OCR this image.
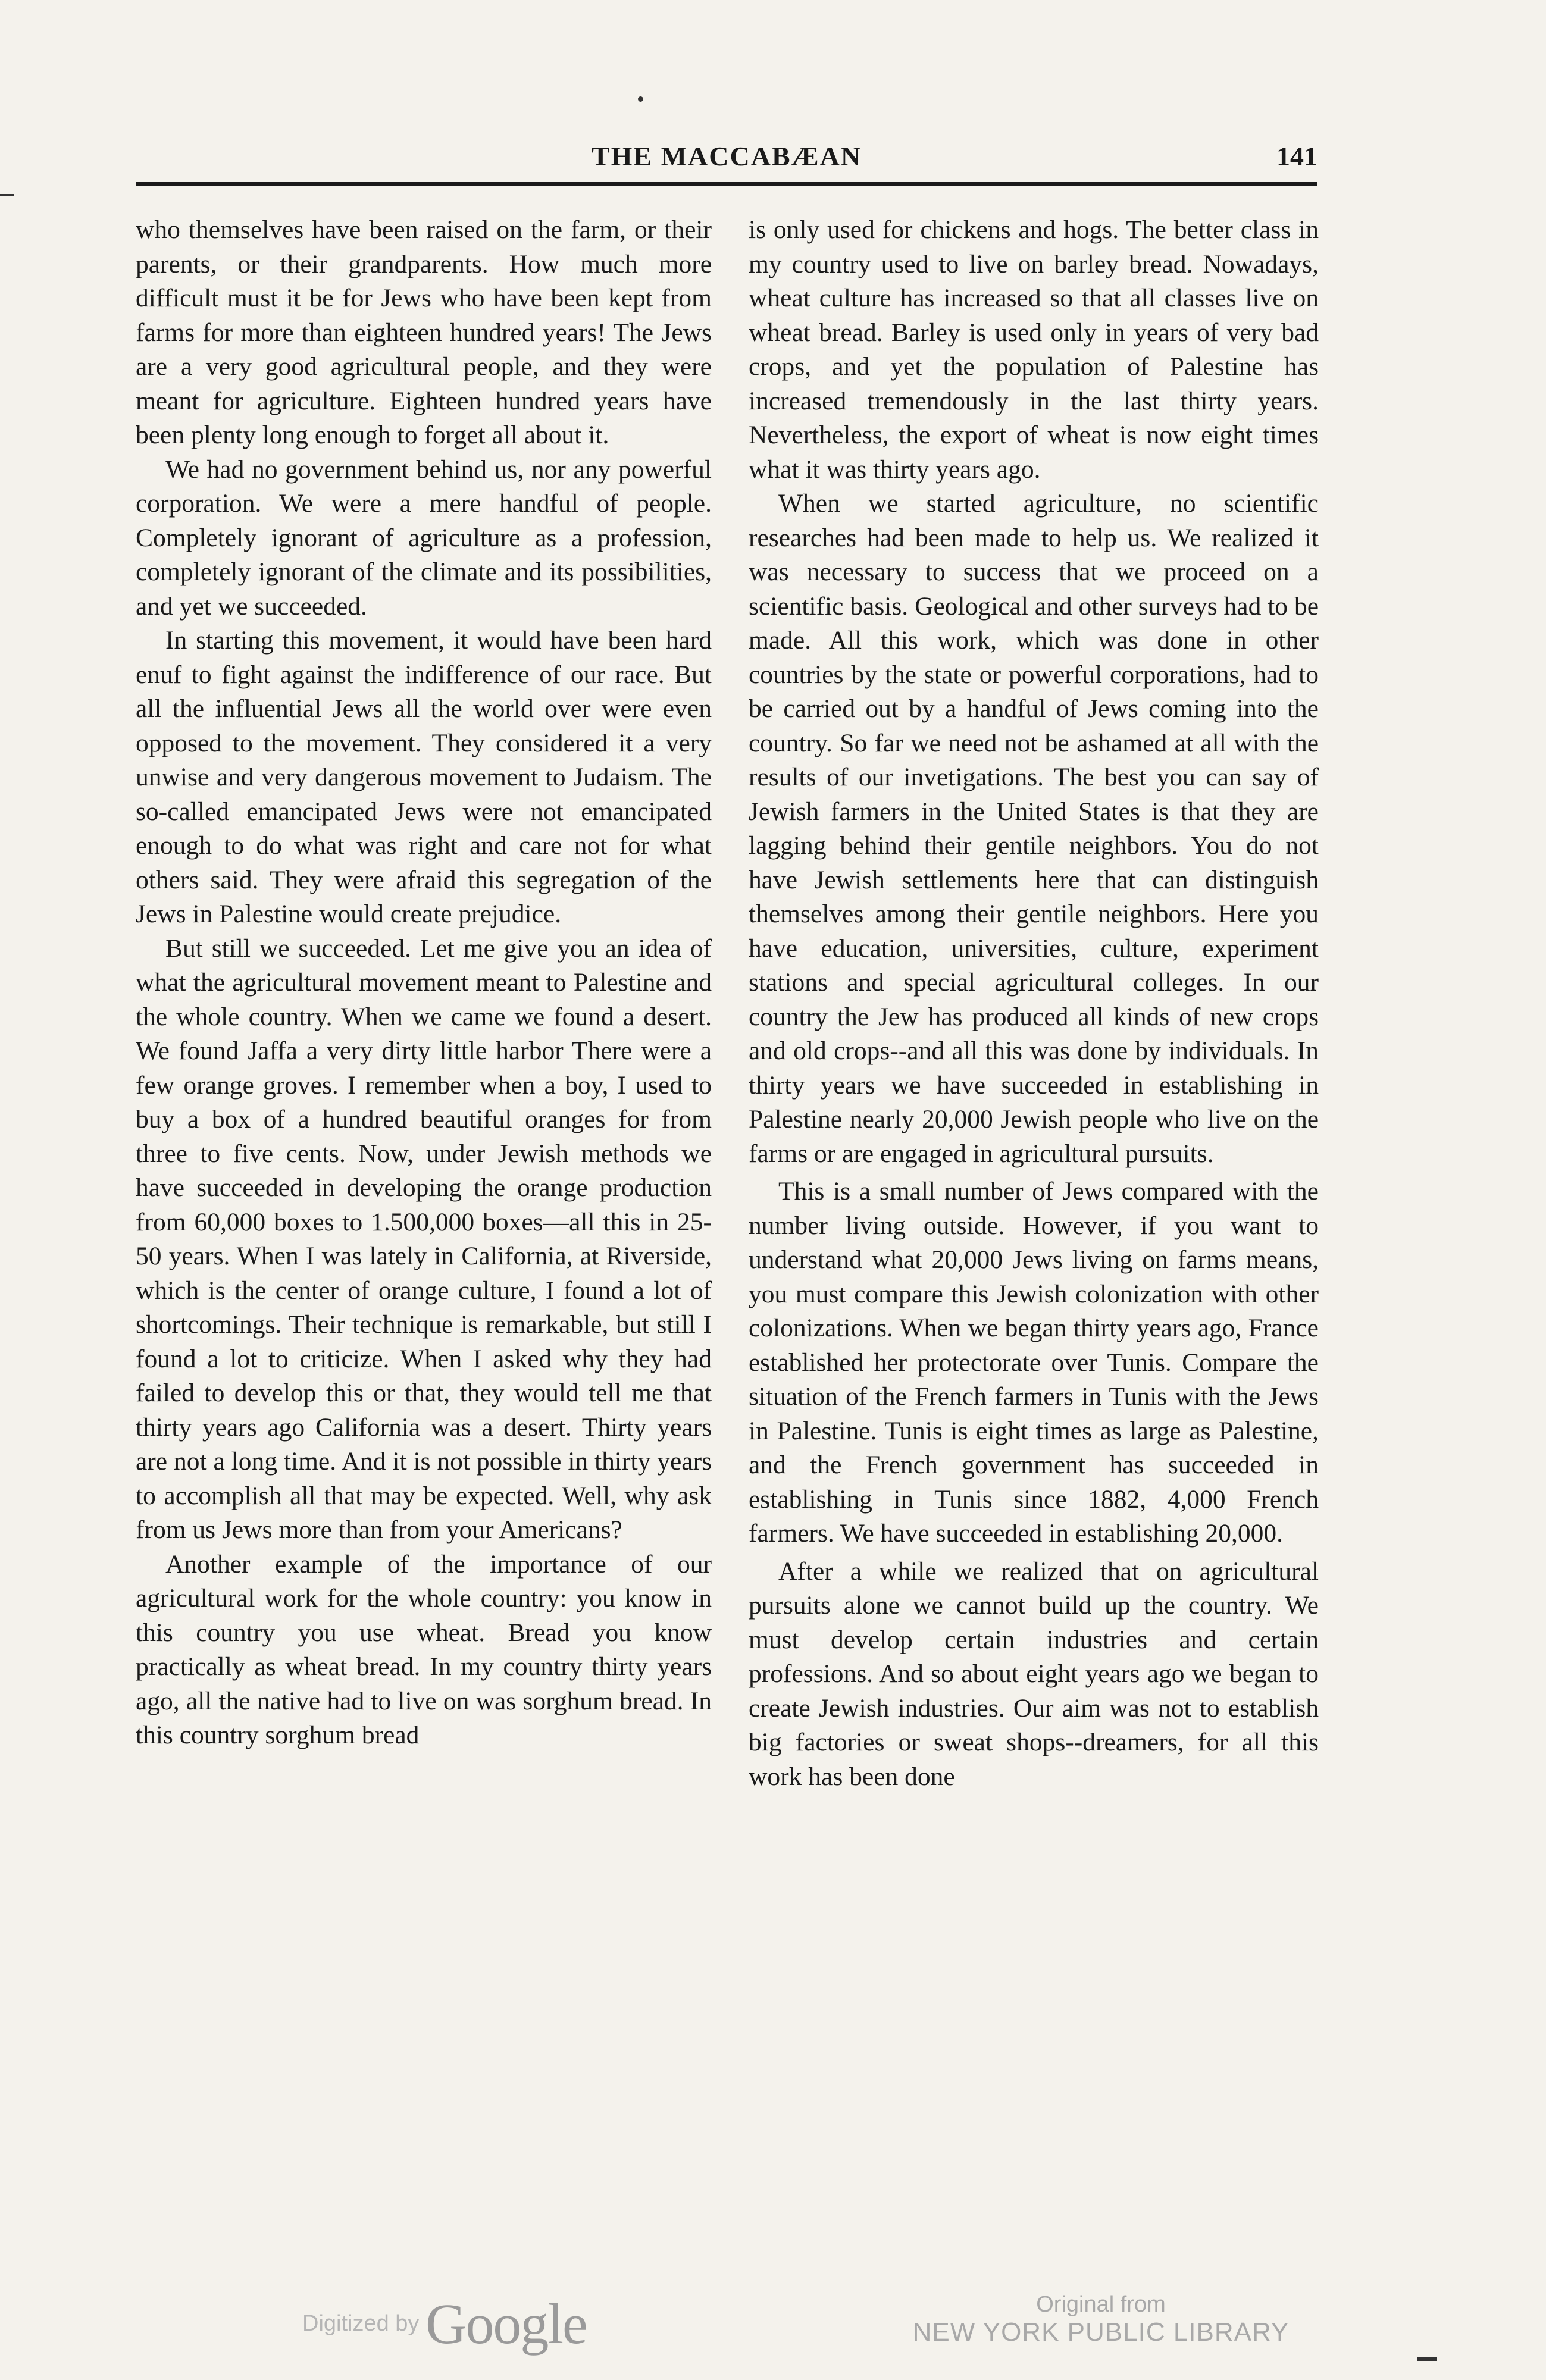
THE MACCABÆAN	141

who themselves have been raised on the farm, or their parents, or their grandparents. How much more difficult must it be for Jews who have been kept from farms for more than eighteen hundred years! The Jews are a very good agricultural people, and they were meant for agriculture. Eighteen hundred years have been plenty long enough to forget all about it.

We had no government behind us, nor any powerful corporation. We were a mere handful of people. Completely ignorant of agriculture as a profession, completely ignorant of the climate and its possibilities, and yet we succeeded.

In starting this movement, it would have been hard enuf to fight against the indifference of our race. But all the influential Jews all the world over were even opposed to the movement. They considered it a very unwise and very dangerous movement to Judaism. The so-called emancipated Jews were not emancipated enough to do what was right and care not for what others said. They were afraid this segregation of the Jews in Palestine would create prejudice.

But still we succeeded. Let me give you an idea of what the agricultural movement meant to Palestine and the whole country. When we came we found a desert. We found Jaffa a very dirty little harbor There were a few orange groves. I remember when a boy, I used to buy a box of a hundred beautiful oranges for from three to five cents. Now, under Jewish methods we have succeeded in developing the orange production from 60,000 boxes to 1.500,000 boxes—all this in 25-50 years. When I was lately in California, at Riverside, which is the center of orange culture, I found a lot of shortcomings. Their technique is remarkable, but still I found a lot to criticize. When I asked why they had failed to develop this or that, they would tell me that thirty years ago California was a desert. Thirty years are not a long time. And it is not possible in thirty years to accomplish all that may be expected. Well, why ask from us Jews more than from your Americans?

Another example of the importance of our agricultural work for the whole country: you know in this country you use wheat. Bread you know practically as wheat bread. In my country thirty years ago, all the native had to live on was sorghum bread. In this country sorghum bread

is only used for chickens and hogs. The better class in my country used to live on barley bread. Nowadays, wheat culture has increased so that all classes live on wheat bread. Barley is used only in years of very bad crops, and yet the population of Palestine has increased tremendously in the last thirty years. Nevertheless, the export of wheat is now eight times what it was thirty years ago.

When we started agriculture, no scientific researches had been made to help us. We realized it was necessary to success that we proceed on a scientific basis. Geological and other surveys had to be made. All this work, which was done in other countries by the state or powerful corporations, had to be carried out by a handful of Jews coming into the country. So far we need not be ashamed at all with the results of our invetigations. The best you can say of Jewish farmers in the United States is that they are lagging behind their gentile neighbors. You do not have Jewish settlements here that can distinguish themselves among their gentile neighbors. Here you have education, universities, culture, experiment stations and special agricultural colleges. In our country the Jew has produced all kinds of new crops and old crops--and all this was done by individuals. In thirty years we have succeeded in establishing in Palestine nearly 20,000 Jewish people who live on the farms or are engaged in agricultural pursuits.

This is a small number of Jews compared with the number living outside. However, if you want to understand what 20,000 Jews living on farms means, you must compare this Jewish colonization with other colonizations. When we began thirty years ago, France established her protectorate over Tunis. Compare the situation of the French farmers in Tunis with the Jews in Palestine. Tunis is eight times as large as Palestine, and the French government has succeeded in establishing in Tunis since 1882, 4,000 French farmers. We have succeeded in establishing 20,000.

After a while we realized that on agricultural pursuits alone we cannot build up the country. We must develop certain industries and certain professions. And so about eight years ago we began to create Jewish industries. Our aim was not to establish big factories or sweat shops--dreamers, for all this work has been done

Digitized by Google	Original from
NEW YORK PUBLIC LIBRARY
